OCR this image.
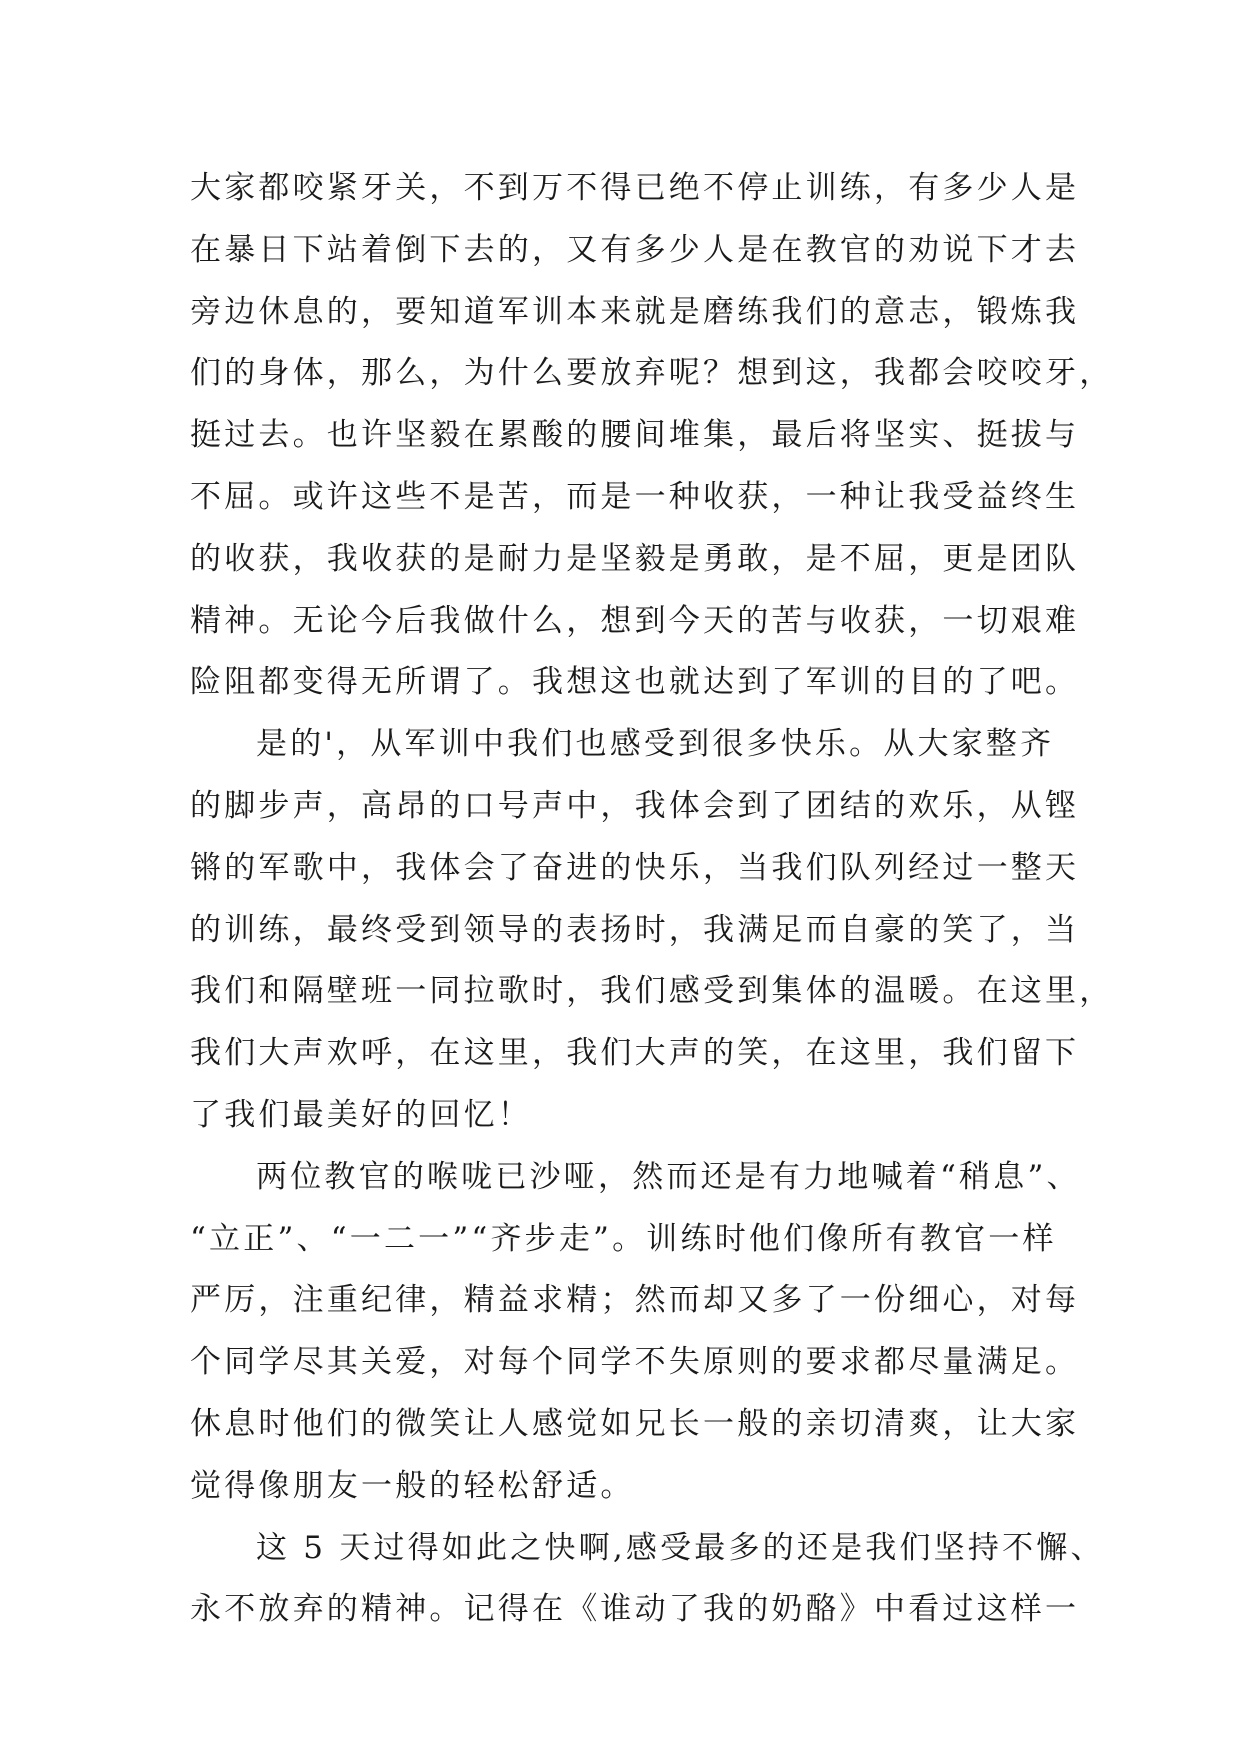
大家都咬紧牙关，不到万不得已绝不停止训练，有多少人是
在暴日下站着倒下去的，又有多少人是在教官的劝说下才去
旁边休息的，要知道军训本来就是磨练我们的意志，锻炼我
们的身体，那么，为什么要放弃呢？想到这，我都会咬咬牙，
挺过去。也许坚毅在累酸的腰间堆集，最后将坚实、挺拔与
不屈。或许这些不是苦，而是一种收获，一种让我受益终生
的收获，我收获的是耐力是坚毅是勇敢，是不屈，更是团队
精神。无论今后我做什么，想到今天的苦与收获，一切艰难
险阻都变得无所谓了。我想这也就达到了军训的目的了吧。
是的'，从军训中我们也感受到很多快乐。从大家整齐
的脚步声，高昂的口号声中，我体会到了团结的欢乐，从铿
锵的军歌中，我体会了奋进的快乐，当我们队列经过一整天
的训练，最终受到领导的表扬时，我满足而自豪的笑了，当
我们和隔壁班一同拉歌时，我们感受到集体的温暖。在这里，
我们大声欢呼，在这里，我们大声的笑，在这里，我们留下
了我们最美好的回忆！
两位教官的喉咙已沙哑，然而还是有力地喊着“稍息”、
“立正”、“一二一”“齐步走”。训练时他们像所有教官一样
严厉，注重纪律，精益求精；然而却又多了一份细心，对每
个同学尽其关爱，对每个同学不失原则的要求都尽量满足。
休息时他们的微笑让人感觉如兄长一般的亲切清爽，让大家
觉得像朋友一般的轻松舒适。
这 5 天过得如此之快啊,感受最多的还是我们坚持不懈、
永不放弃的精神。记得在《谁动了我的奶酪》中看过这样一
